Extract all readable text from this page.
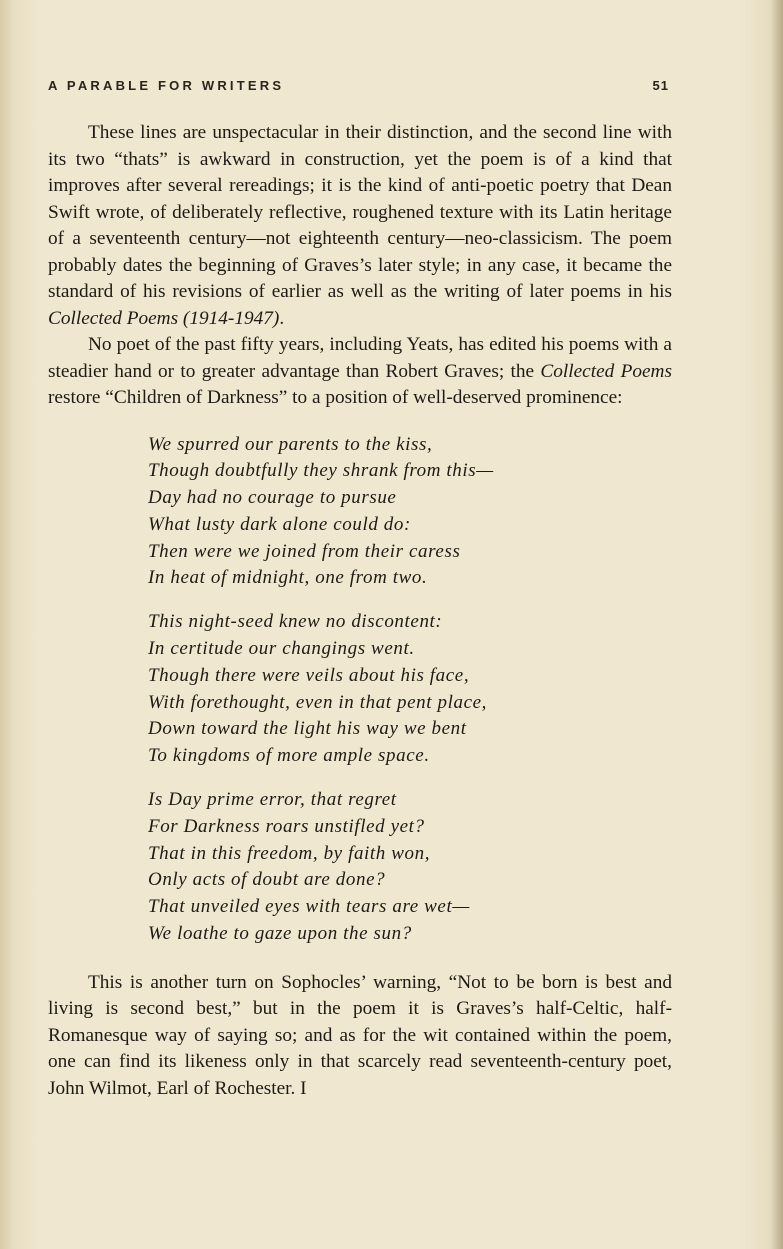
A PARABLE FOR WRITERS	51

These lines are unspectacular in their distinction, and the second line with its two “thats” is awkward in construction, yet the poem is of a kind that improves after several rereadings; it is the kind of anti-poetic poetry that Dean Swift wrote, of deliberately reflective, roughened texture with its Latin heritage of a seventeenth century—not eighteenth century—neo-classicism. The poem probably dates the beginning of Graves’s later style; in any case, it became the standard of his revisions of earlier as well as the writing of later poems in his Collected Poems (1914-1947).

No poet of the past fifty years, including Yeats, has edited his poems with a steadier hand or to greater advantage than Robert Graves; the Collected Poems restore “Children of Darkness” to a position of well-deserved prominence:

We spurred our parents to the kiss,
Though doubtfully they shrank from this—
Day had no courage to pursue
What lusty dark alone could do:
Then were we joined from their caress
In heat of midnight, one from two.
This night-seed knew no discontent:
In certitude our changings went.
Though there were veils about his face,
With forethought, even in that pent place,
Down toward the light his way we bent
To kingdoms of more ample space.
Is Day prime error, that regret
For Darkness roars unstifled yet?
That in this freedom, by faith won,
Only acts of doubt are done?
That unveiled eyes with tears are wet—
We loathe to gaze upon the sun?

This is another turn on Sophocles’ warning, “Not to be born is best and living is second best,” but in the poem it is Graves’s half-Celtic, half-Romanesque way of saying so; and as for the wit contained within the poem, one can find its likeness only in that scarcely read seventeenth-century poet, John Wilmot, Earl of Rochester. I
